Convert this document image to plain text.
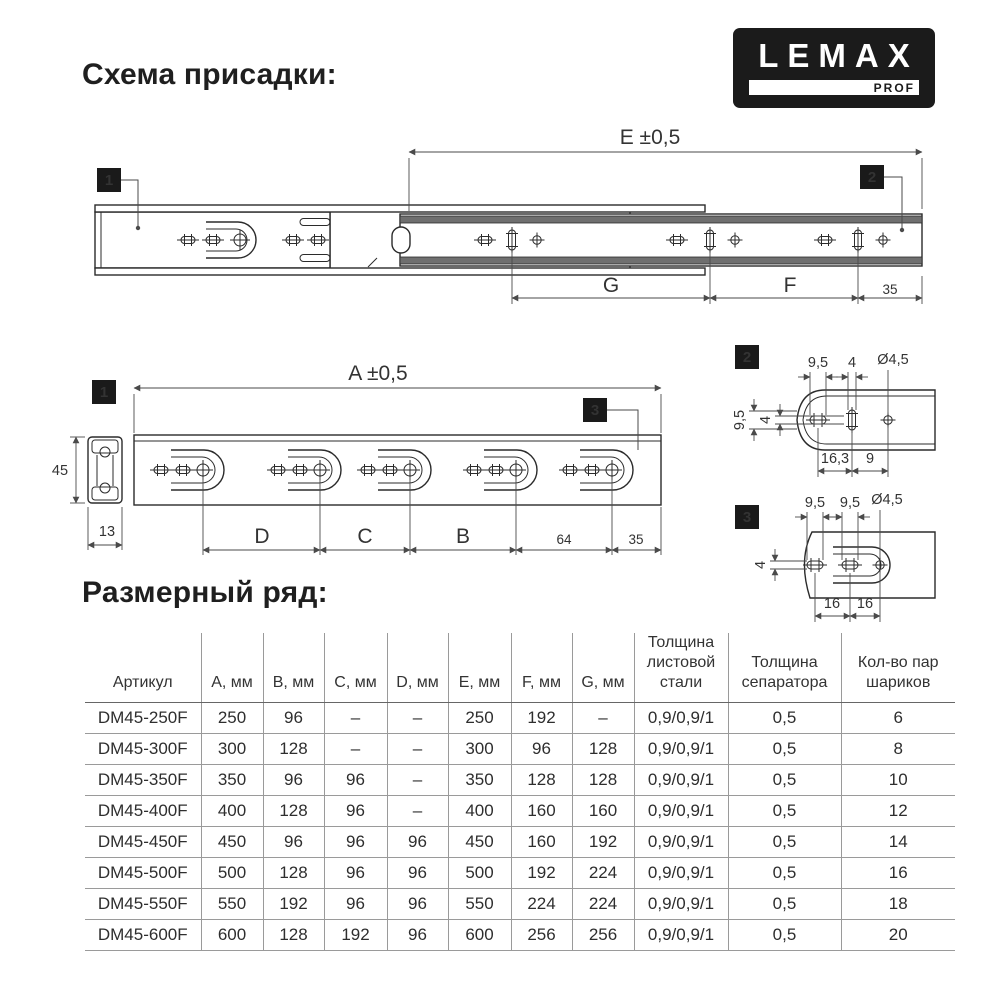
Схема присадки:
LEMAX
PROF
1	2
E ±0,5
G	F	35
45
13
1
3
A ±0,5
D	C	B	64	35
2	9,5 4 Ø4,5
9,5 4
16,3 9
3
9,5 9,5 Ø4,5
4
16 16
Размерный ряд:
Артикул	A, мм	B, мм	C, мм	D, мм	E, мм	F, мм	G, мм	Толщина листовой стали	Толщина сепаратора	Кол-во пар шариков
DM45-250F	250	96	–	–	250	192	–	0,9/0,9/1	0,5	6
DM45-300F	300	128	–	–	300	96	128	0,9/0,9/1	0,5	8
DM45-350F	350	96	96	–	350	128	128	0,9/0,9/1	0,5	10
DM45-400F	400	128	96	–	400	160	160	0,9/0,9/1	0,5	12
DM45-450F	450	96	96	96	450	160	192	0,9/0,9/1	0,5	14
DM45-500F	500	128	96	96	500	192	224	0,9/0,9/1	0,5	16
DM45-550F	550	192	96	96	550	224	224	0,9/0,9/1	0,5	18
DM45-600F	600	128	192	96	600	256	256	0,9/0,9/1	0,5	20
